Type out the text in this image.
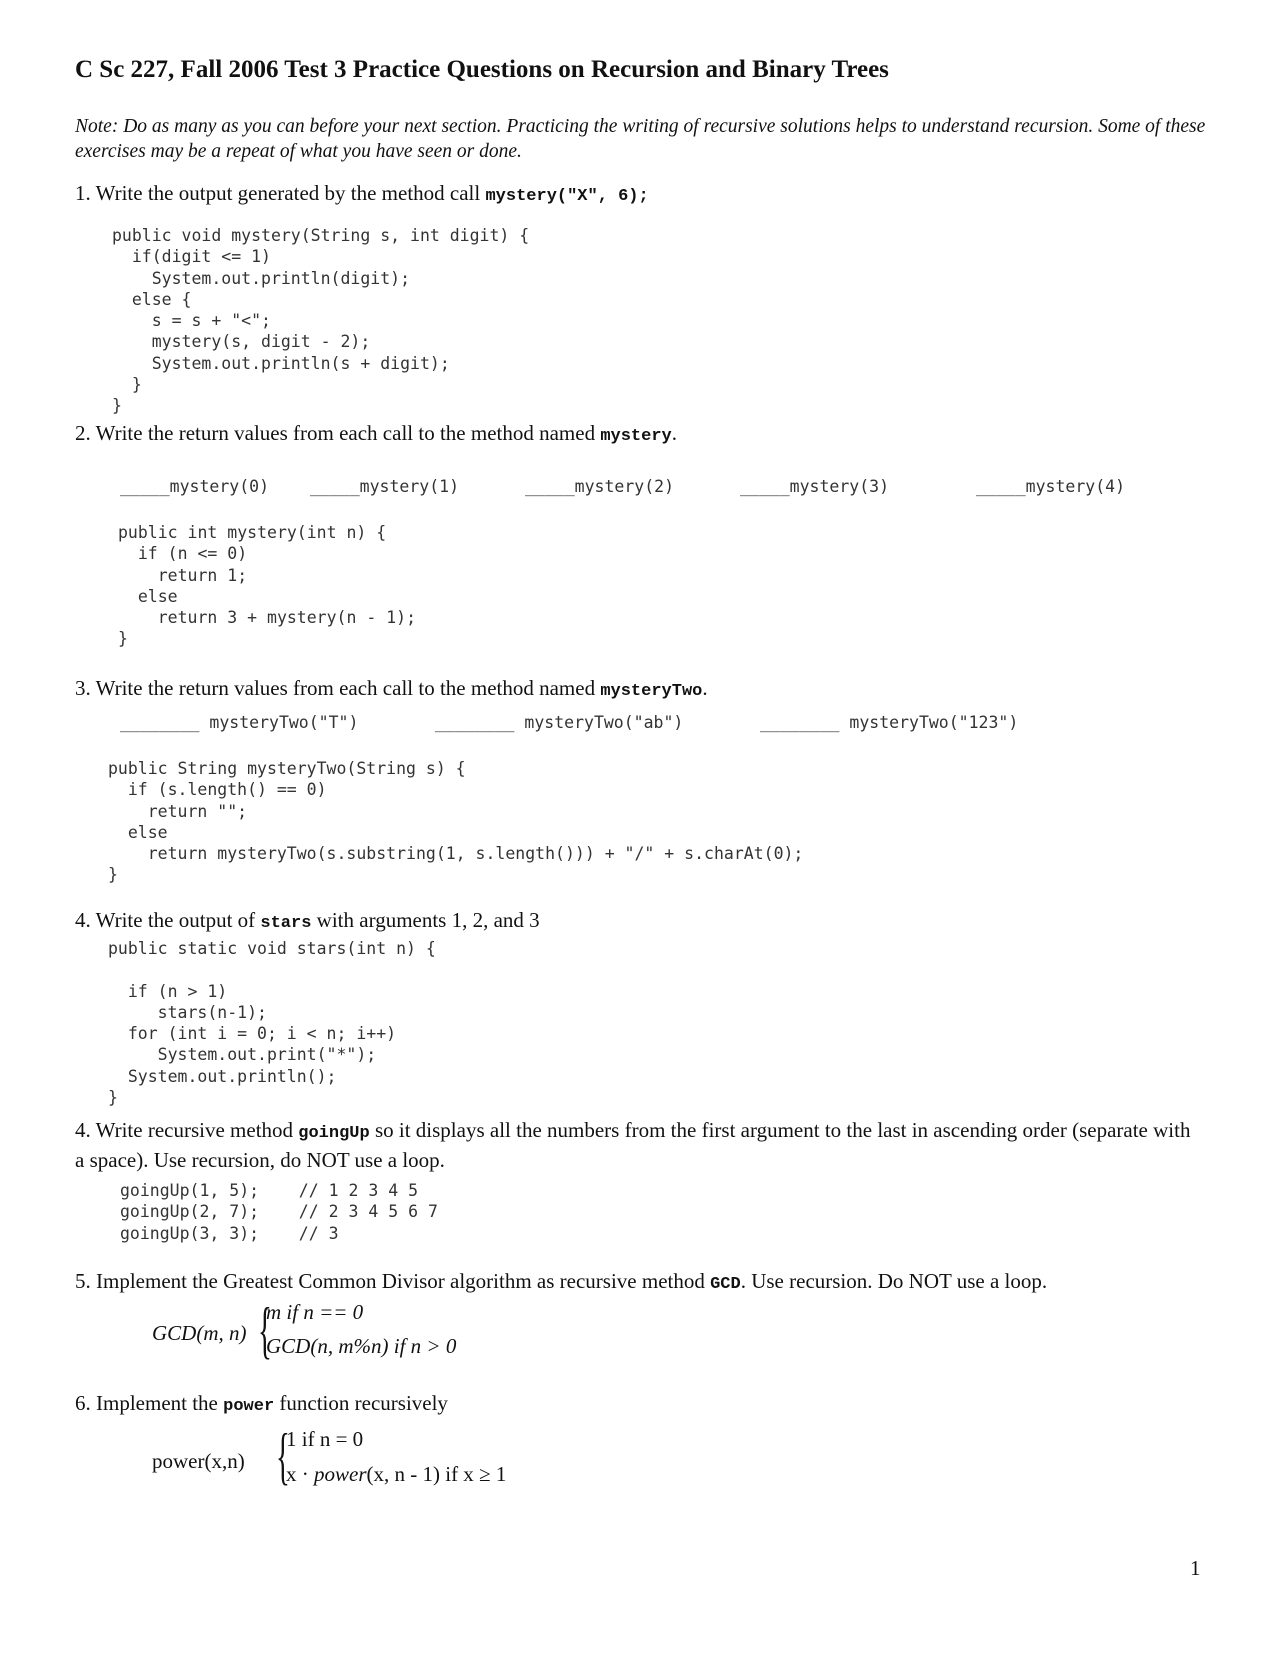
C Sc 227, Fall 2006 Test 3 Practice Questions on Recursion and Binary Trees

Note: Do as many as you can before your next section. Practicing the writing of recursive solutions helps to understand recursion. Some of these exercises may be a repeat of what you have seen or done.

1. Write the output generated by the method call mystery("X", 6);

public void mystery(String s, int digit) {
if(digit <= 1)
System.out.println(digit);
else {
s = s + "<";
mystery(s, digit - 2);
System.out.println(s + digit);
}
}

2. Write the return values from each call to the method named mystery.

_____mystery(0) _____mystery(1)	_____mystery(2)	_____mystery(3)	_____mystery(4)
public int mystery(int n) {
if (n <= 0)
return 1;
else
return 3 + mystery(n - 1);
}

3. Write the return values from each call to the method named mysteryTwo.

________ mysteryTwo("T")	________ mysteryTwo("ab")	________ mysteryTwo("123")
public String mysteryTwo(String s) {
if (s.length() == 0)
return "";
else
return mysteryTwo(s.substring(1, s.length())) + "/" + s.charAt(0);
}

4. Write the output of stars with arguments 1, 2, and 3

public static void stars(int n) {

if (n > 1)
stars(n-1);
for (int i = 0; i < n; i++)
System.out.print("*");
System.out.println();
}

4. Write recursive method goingUp so it displays all the numbers from the first argument to the last in ascending order (separate with a space). Use recursion, do NOT use a loop.

goingUp(1, 5);    // 1 2 3 4 5
goingUp(2, 7);    // 2 3 4 5 6 7
goingUp(3, 3);    // 3

5. Implement the Greatest Common Divisor algorithm as recursive method GCD. Use recursion. Do NOT use a loop.

GCD(m, n) {
m if n == 0
GCD(n, m%n) if n > 0

6. Implement the power function recursively

power(x,n) {
1 if n = 0
x · power(x, n - 1) if x ≥ 1
1
